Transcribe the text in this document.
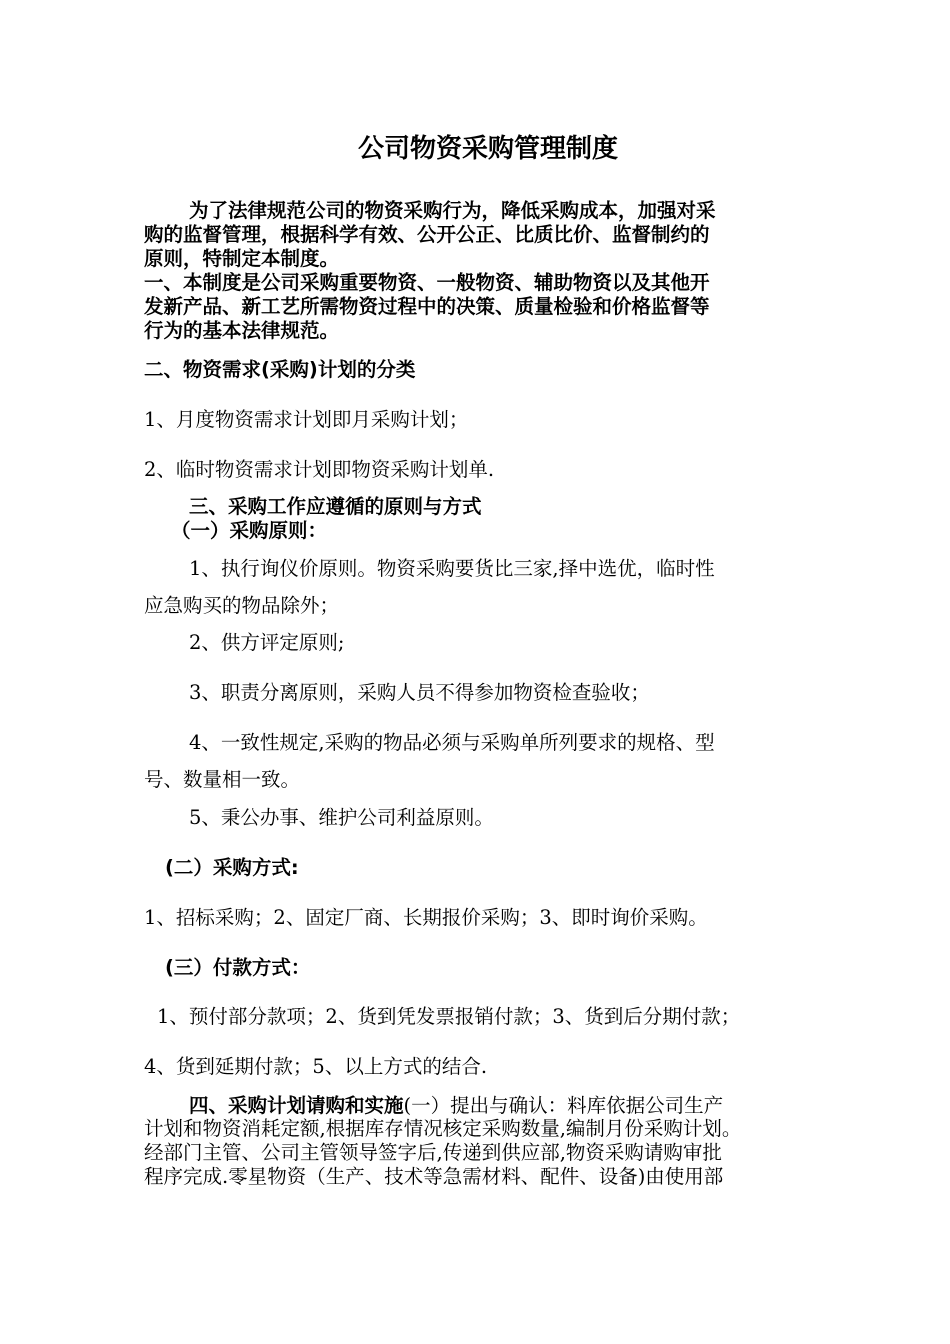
公司物资采购管理制度
为了法律规范公司的物资采购行为，降低采购成本，加强对采
购的监督管理，根据科学有效、公开公正、比质比价、监督制约的
原则，特制定本制度。
一、本制度是公司采购重要物资、一般物资、辅助物资以及其他开
发新产品、新工艺所需物资过程中的决策、质量检验和价格监督等
行为的基本法律规范。
二、物资需求(采购)计划的分类
1、月度物资需求计划即月采购计划；
2、临时物资需求计划即物资采购计划单.
三、采购工作应遵循的原则与方式
（一）采购原则：
1、执行询仪价原则。物资采购要货比三家,择中选优，临时性
应急购买的物品除外；
2、供方评定原则;
3、职责分离原则，采购人员不得参加物资检查验收；
4、一致性规定,采购的物品必须与采购单所列要求的规格、型
号、数量相一致。
5、秉公办事、维护公司利益原则。
(二）采购方式:
1、招标采购；2、固定厂商、长期报价采购；3、即时询价采购。
(三）付款方式：
1、预付部分款项；2、货到凭发票报销付款；3、货到后分期付款；
4、货到延期付款；5、以上方式的结合.
四、采购计划请购和实施(一）提出与确认：料库依据公司生产
计划和物资消耗定额,根据库存情况核定采购数量,编制月份采购计划。
经部门主管、公司主管领导签字后,传递到供应部,物资采购请购审批
程序完成.零星物资（生产、技术等急需材料、配件、设备)由使用部
